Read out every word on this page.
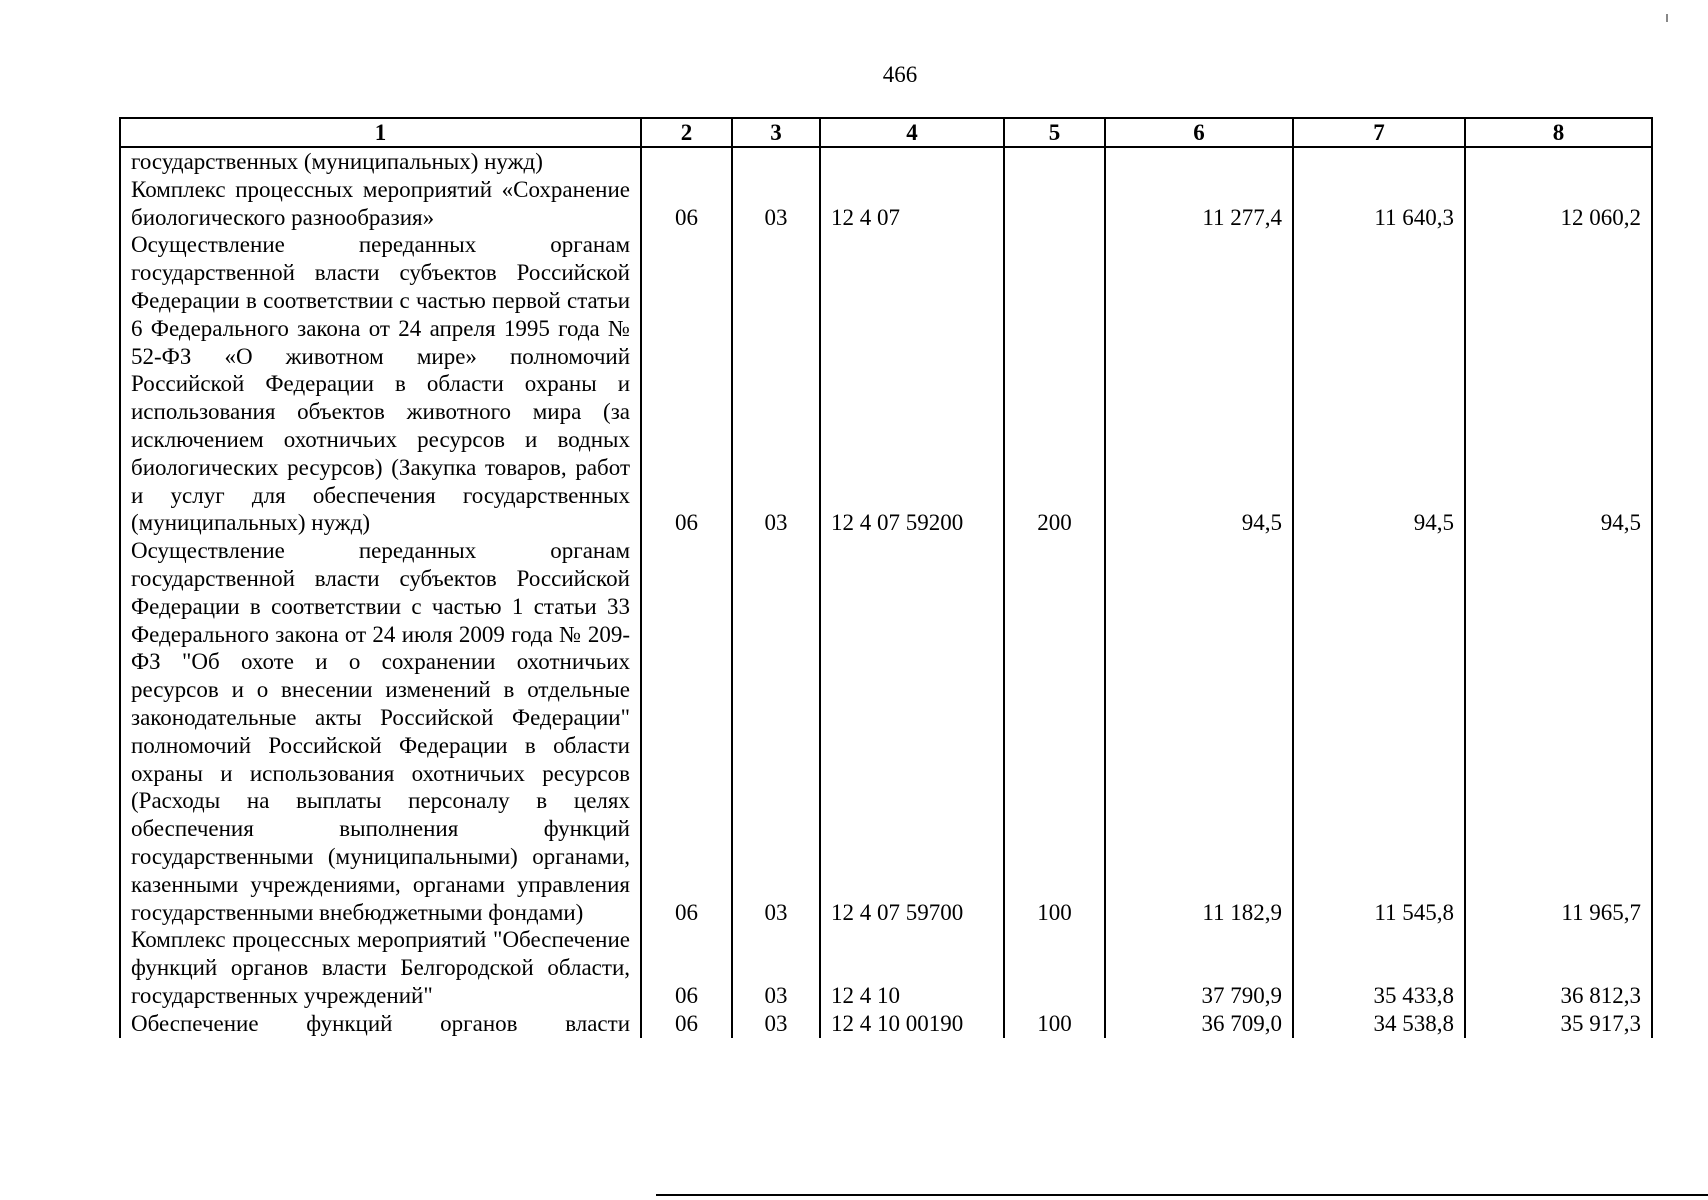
466
1	2	3	4	5	6	7	8
государственных (муниципальных) нужд)							
Комплекс процессных мероприятий «Сохранение биологического разнообразия»	06	03	12 4 07		11 277,4	11 640,3	12 060,2
Осуществление переданных органам государственной власти субъектов Российской Федерации в соответствии с частью первой статьи 6 Федерального закона от 24 апреля 1995 года № 52-ФЗ «О животном мире» полномочий Российской Федерации в области охраны и использования объектов животного мира (за исключением охотничьих ресурсов и водных биологических ресурсов) (Закупка товаров, работ и услуг для обеспечения государственных (муниципальных) нужд)	06	03	12 4 07 59200	200	94,5	94,5	94,5
Осуществление переданных органам государственной власти субъектов Российской Федерации в соответствии с частью 1 статьи 33 Федерального закона от 24 июля 2009 года № 209-ФЗ "Об охоте и о сохранении охотничьих ресурсов и о внесении изменений в отдельные законодательные акты Российской Федерации" полномочий Российской Федерации в области охраны и использования охотничьих ресурсов (Расходы на выплаты персоналу в целях обеспечения выполнения функций государственными (муниципальными) органами, казенными учреждениями, органами управления государственными внебюджетными фондами)	06	03	12 4 07 59700	100	11 182,9	11 545,8	11 965,7
Комплекс процессных мероприятий "Обеспечение функций органов власти Белгородской области, государственных учреждений"	06	03	12 4 10		37 790,9	35 433,8	36 812,3
Обеспечение функций органов власти	06	03	12 4 10 00190	100	36 709,0	34 538,8	35 917,3
